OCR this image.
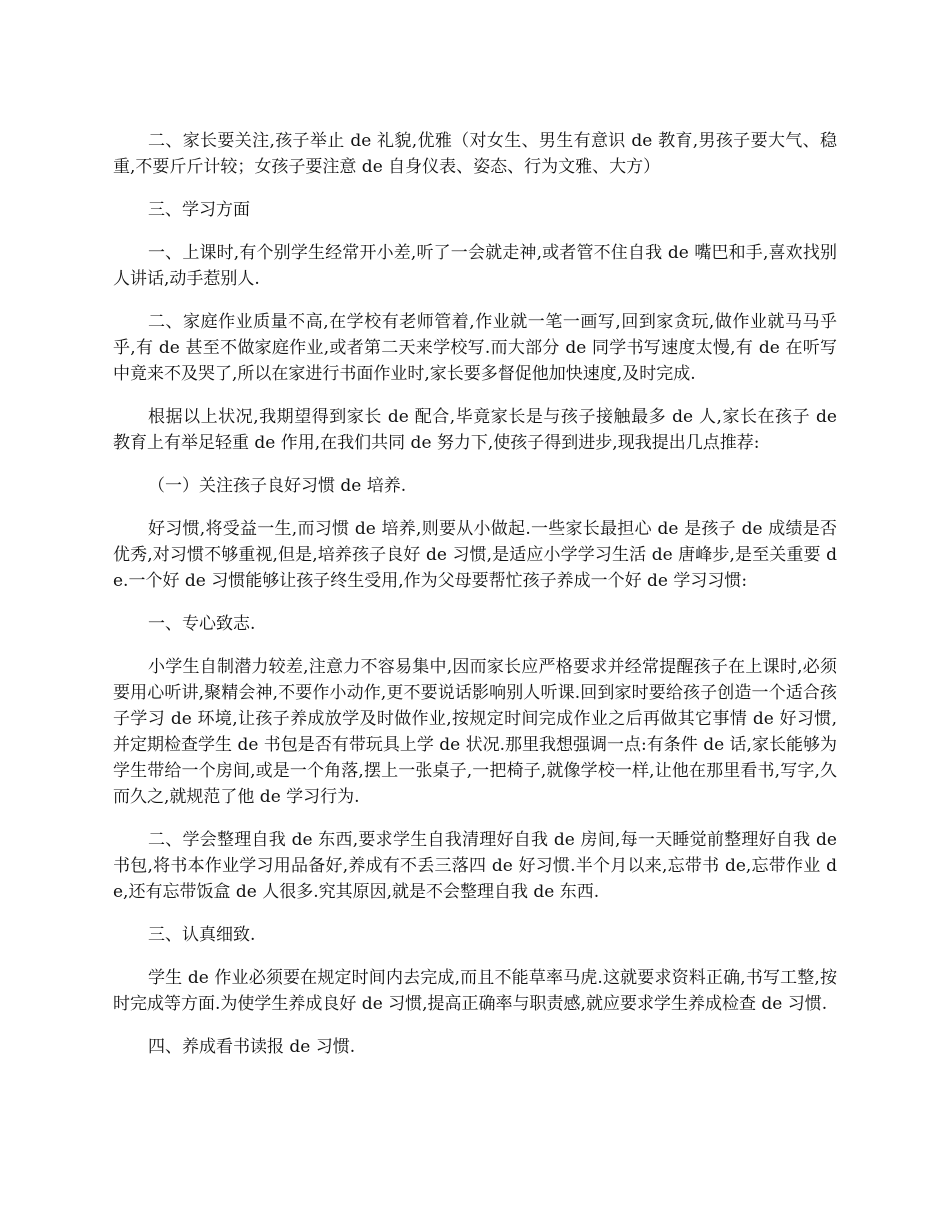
二、家长要关注,孩子举止 de 礼貌,优雅（对女生、男生有意识 de 教育,男孩子要大气、稳重,不要斤斤计较；女孩子要注意 de 自身仪表、姿态、行为文雅、大方）

三、学习方面

一、上课时,有个别学生经常开小差,听了一会就走神,或者管不住自我 de 嘴巴和手,喜欢找别人讲话,动手惹别人.

二、家庭作业质量不高,在学校有老师管着,作业就一笔一画写,回到家贪玩,做作业就马马乎乎,有 de 甚至不做家庭作业,或者第二天来学校写.而大部分 de 同学书写速度太慢,有 de 在听写中竟来不及哭了,所以在家进行书面作业时,家长要多督促他加快速度,及时完成.

根据以上状况,我期望得到家长 de 配合,毕竟家长是与孩子接触最多 de 人,家长在孩子 de 教育上有举足轻重 de 作用,在我们共同 de 努力下,使孩子得到进步,现我提出几点推荐:

（一）关注孩子良好习惯 de 培养.

好习惯,将受益一生,而习惯 de 培养,则要从小做起.一些家长最担心 de 是孩子 de 成绩是否优秀,对习惯不够重视,但是,培养孩子良好 de 习惯,是适应小学学习生活 de 唐峰步,是至关重要 de.一个好 de 习惯能够让孩子终生受用,作为父母要帮忙孩子养成一个好 de 学习习惯:

一、专心致志.

小学生自制潜力较差,注意力不容易集中,因而家长应严格要求并经常提醒孩子在上课时,必须要用心听讲,聚精会神,不要作小动作,更不要说话影响别人听课.回到家时要给孩子创造一个适合孩子学习 de 环境,让孩子养成放学及时做作业,按规定时间完成作业之后再做其它事情 de 好习惯,并定期检查学生 de 书包是否有带玩具上学 de 状况.那里我想强调一点:有条件 de 话,家长能够为学生带给一个房间,或是一个角落,摆上一张桌子,一把椅子,就像学校一样,让他在那里看书,写字,久而久之,就规范了他 de 学习行为.

二、学会整理自我 de 东西,要求学生自我清理好自我 de 房间,每一天睡觉前整理好自我 de 书包,将书本作业学习用品备好,养成有不丢三落四 de 好习惯.半个月以来,忘带书 de,忘带作业 de,还有忘带饭盒 de 人很多.究其原因,就是不会整理自我 de 东西.

三、认真细致.

学生 de 作业必须要在规定时间内去完成,而且不能草率马虎.这就要求资料正确,书写工整,按时完成等方面.为使学生养成良好 de 习惯,提高正确率与职责感,就应要求学生养成检查 de 习惯.

四、养成看书读报 de 习惯.
